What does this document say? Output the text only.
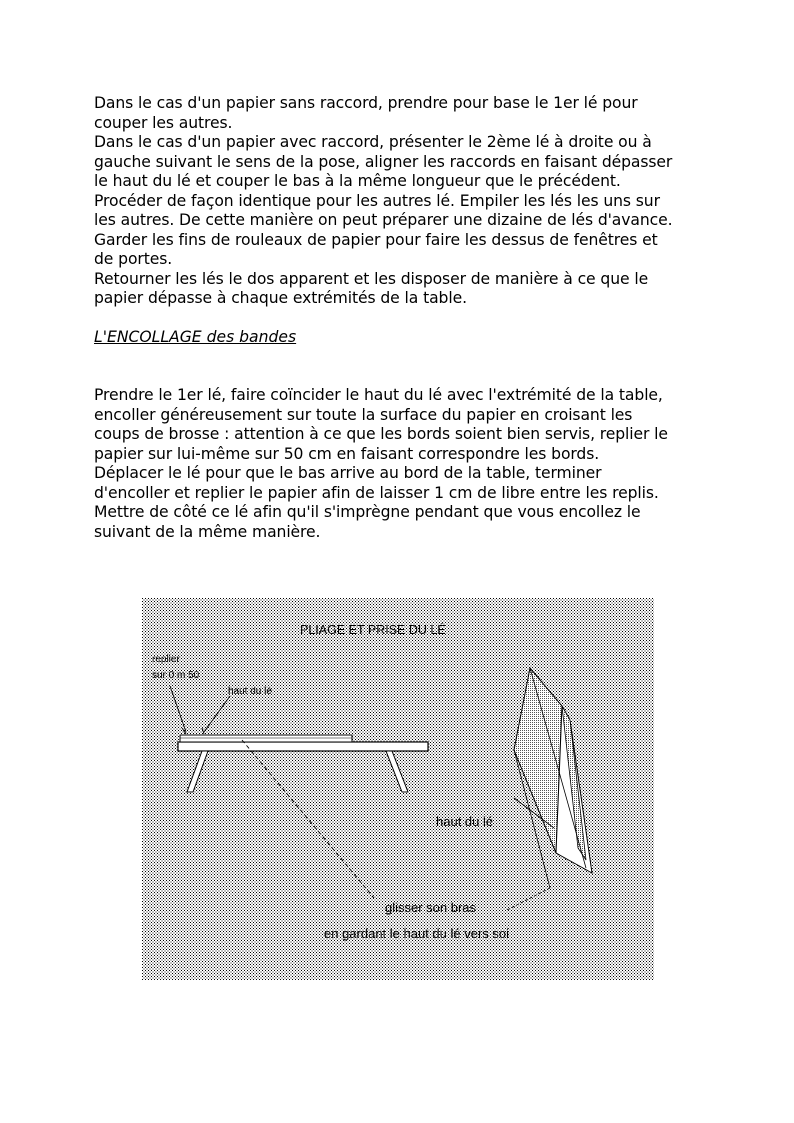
Dans le cas d'un papier sans raccord, prendre pour base le 1er lé pour
couper les autres.
Dans le cas d'un papier avec raccord, présenter le 2ème lé à droite ou à
gauche suivant le sens de la pose, aligner les raccords en faisant dépasser
le haut du lé et couper le bas à la même longueur que le précédent.
Procéder de façon identique pour les autres lé. Empiler les lés les uns sur
les autres. De cette manière on peut préparer une dizaine de lés d'avance.
Garder les fins de rouleaux de papier pour faire les dessus de fenêtres et
de portes.
Retourner les lés le dos apparent et les disposer de manière à ce que le
papier dépasse à chaque extrémités de la table.
L'ENCOLLAGE des bandes
Prendre le 1er lé, faire coïncider le haut du lé avec l'extrémité de la table,
encoller généreusement sur toute la surface du papier en croisant les
coups de brosse : attention à ce que les bords soient bien servis, replier le
papier sur lui-même sur 50 cm en faisant correspondre les bords.
Déplacer le lé pour que le bas arrive au bord de la table, terminer
d'encoller et replier le papier afin de laisser 1 cm de libre entre les replis.
Mettre de côté ce lé afin qu'il s'imprègne pendant que vous encollez le
suivant de la même manière.
PLIAGE ET PRISE DU LÉ
replier
sur 0 m 50
haut du lé
haut du lé
glisser son bras
en gardant le haut du lé vers soi
